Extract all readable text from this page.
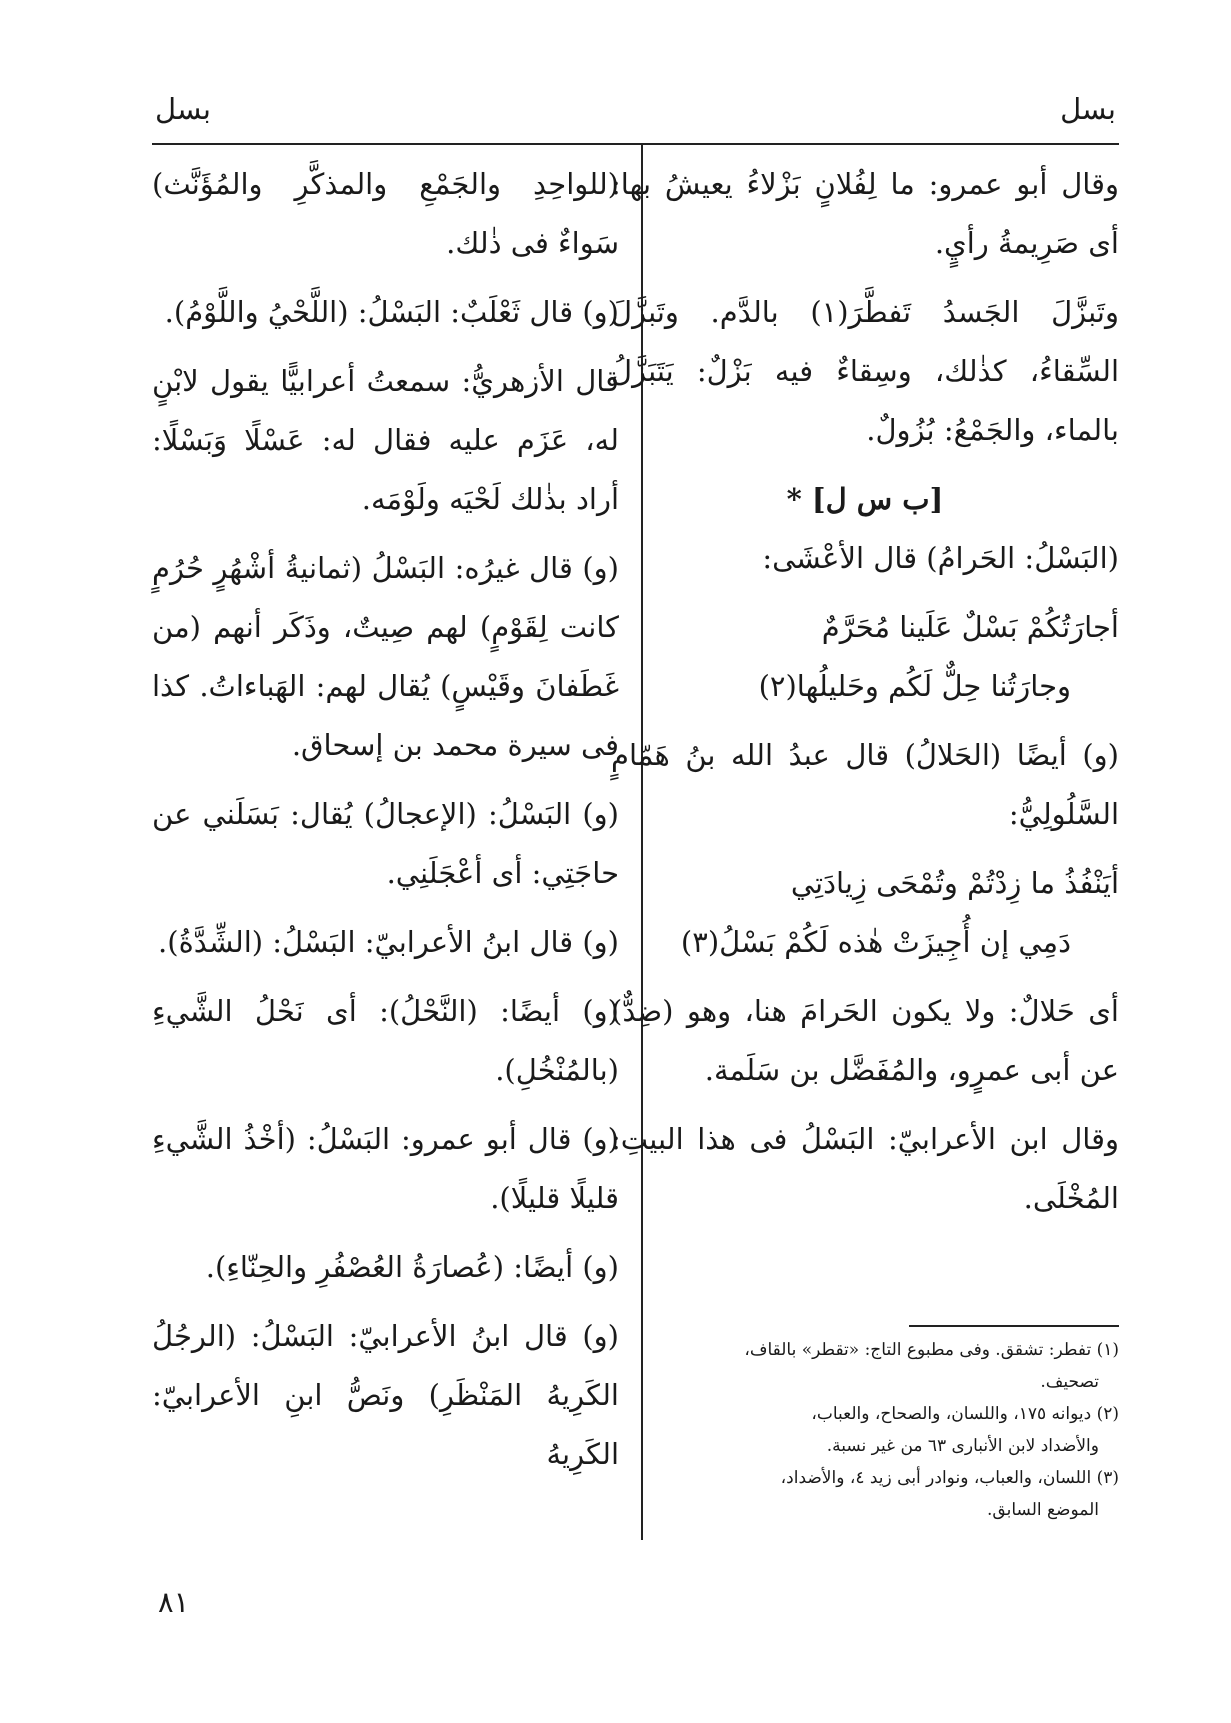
بسل
بسل

وقال أبو عمرو: ما لِفُلانٍ بَزْلاءُ يعيشُ بها: أى صَرِيمةُ رأيٍ.

وتَبزَّلَ الجَسدُ تَفطَّرَ(١) بالدَّم. وتَبزَّلَ السِّقاءُ، كذٰلك، وسِقاءٌ فيه بَزْلٌ: يَتَبَزَّلُ بالماء، والجَمْعُ: بُزُولٌ.

[ب س ل] *

(البَسْلُ: الحَرامُ) قال الأعْشَى:

أجارَتُكُمْ بَسْلٌ عَلَينا مُحَرَّمٌ

وجارَتُنا حِلٌّ لَكُم وحَليلُها(٢)

(و) أيضًا (الحَلالُ) قال عبدُ الله بنُ هَمّامٍ السَّلُولِيُّ:

أيَنْفُذُ ما زِدْتُمْ وتُمْحَى زِيادَتِي

دَمِي إن أُجِيزَتْ هٰذه لَكُمْ بَسْلُ(٣)

أى حَلالٌ: ولا يكون الحَرامَ هنا، وهو (ضِدٌّ) عن أبى عمرٍو، والمُفَضَّل بن سَلَمة.

وقال ابن الأعرابيّ: البَسْلُ فى هذا البيتِ: المُخْلَى.

(للواحِدِ والجَمْعِ والمذكَّرِ والمُؤَنَّث) سَواءٌ فى ذٰلك.

(و) قال ثَعْلَبٌ: البَسْلُ: (اللَّحْيُ واللَّوْمُ).

قال الأزهريُّ: سمعتُ أعرابيًّا يقول لابْنٍ له، عَزَم عليه فقال له: عَسْلًا وَبَسْلًا: أراد بذٰلك لَحْيَه ولَوْمَه.

(و) قال غيرُه: البَسْلُ (ثمانيةُ أشْهُرٍ حُرُمٍ كانت لِقَوْمٍ) لهم صِيتٌ، وذَكَر أنهم (من غَطَفانَ وقَيْسٍ) يُقال لهم: الهَباءاتُ. كذا فى سيرة محمد بن إسحاق.

(و) البَسْلُ: (الإعجالُ) يُقال: بَسَلَني عن حاجَتِي: أى أعْجَلَنِي.

(و) قال ابنُ الأعرابيّ: البَسْلُ: (الشِّدَّةُ).

(و) أيضًا: (النَّحْلُ): أى نَحْلُ الشَّيءِ (بالمُنْخُلِ).

(و) قال أبو عمرو: البَسْلُ: (أخْذُ الشَّيءِ قليلًا قليلًا).

(و) أيضًا: (عُصارَةُ العُصْفُرِ والحِنّاءِ).

(و) قال ابنُ الأعرابيّ: البَسْلُ: (الرجُلُ الكَرِيهُ المَنْظَرِ) ونَصُّ ابنِ الأعرابيّ: الكَرِيهُ

(١) تفطر: تشقق. وفى مطبوع التاج: «تقطر» بالقاف،
تصحيف.
(٢) ديوانه ١٧٥، واللسان، والصحاح، والعباب،
والأضداد لابن الأنبارى ٦٣ من غير نسبة.
(٣) اللسان، والعباب، ونوادر أبى زيد ٤، والأضداد،
الموضع السابق.
٨١
